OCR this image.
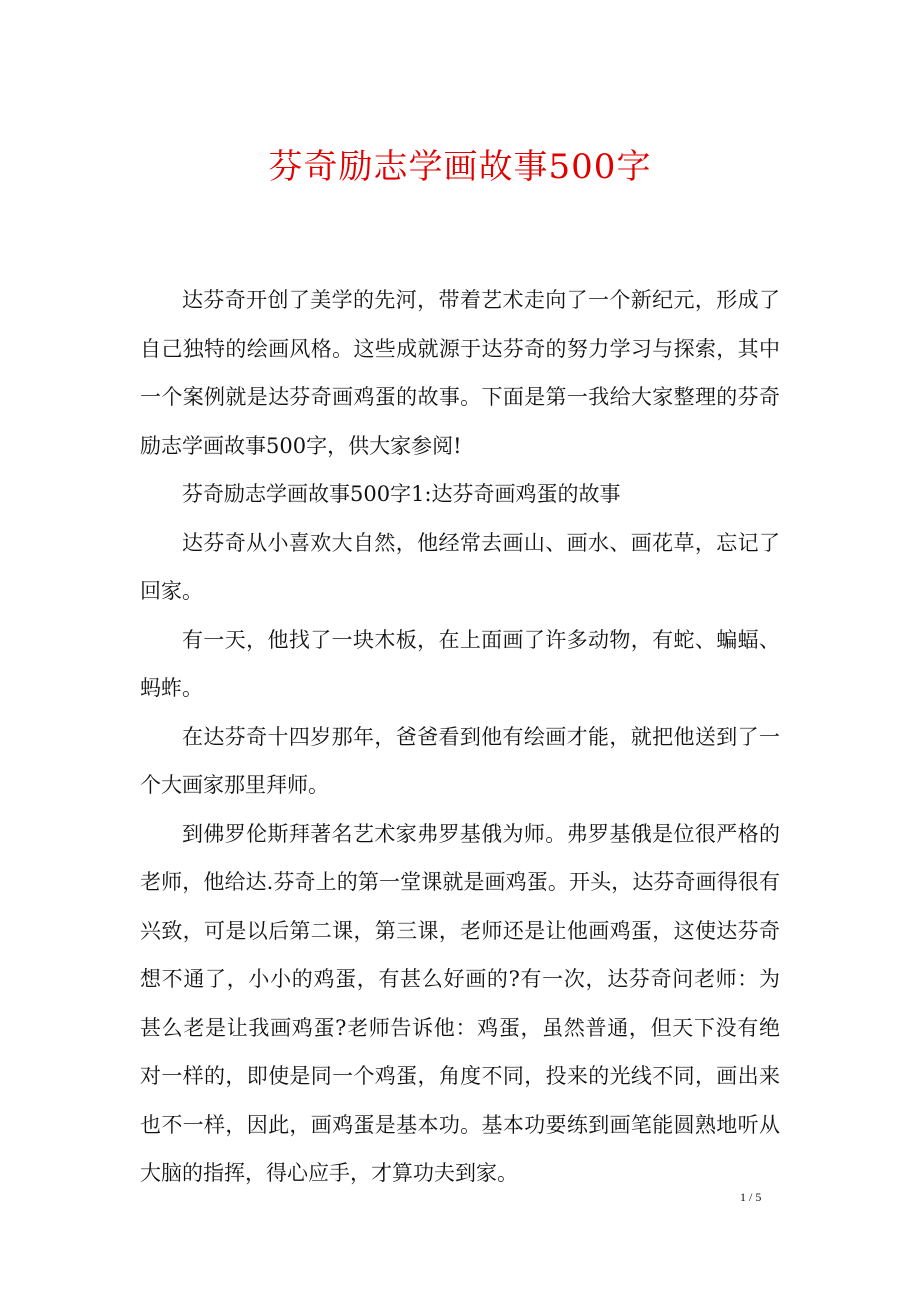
芬奇励志学画故事500字

达芬奇开创了美学的先河，带着艺术走向了一个新纪元，形成了自己独特的绘画风格。这些成就源于达芬奇的努力学习与探索，其中一个案例就是达芬奇画鸡蛋的故事。下面是第一我给大家整理的芬奇励志学画故事500字，供大家参阅!

芬奇励志学画故事500字1:达芬奇画鸡蛋的故事

达芬奇从小喜欢大自然，他经常去画山、画水、画花草，忘记了回家。

有一天，他找了一块木板，在上面画了许多动物，有蛇、蝙蝠、蚂蚱。

在达芬奇十四岁那年，爸爸看到他有绘画才能，就把他送到了一个大画家那里拜师。

到佛罗伦斯拜著名艺术家弗罗基俄为师。弗罗基俄是位很严格的老师，他给达.芬奇上的第一堂课就是画鸡蛋。开头，达芬奇画得很有兴致，可是以后第二课，第三课，老师还是让他画鸡蛋，这使达芬奇想不通了，小小的鸡蛋，有甚么好画的?有一次，达芬奇问老师：为甚么老是让我画鸡蛋?老师告诉他：鸡蛋，虽然普通，但天下没有绝对一样的，即使是同一个鸡蛋，角度不同，投来的光线不同，画出来也不一样，因此，画鸡蛋是基本功。基本功要练到画笔能圆熟地听从大脑的指挥，得心应手，才算功夫到家。

1 / 5
